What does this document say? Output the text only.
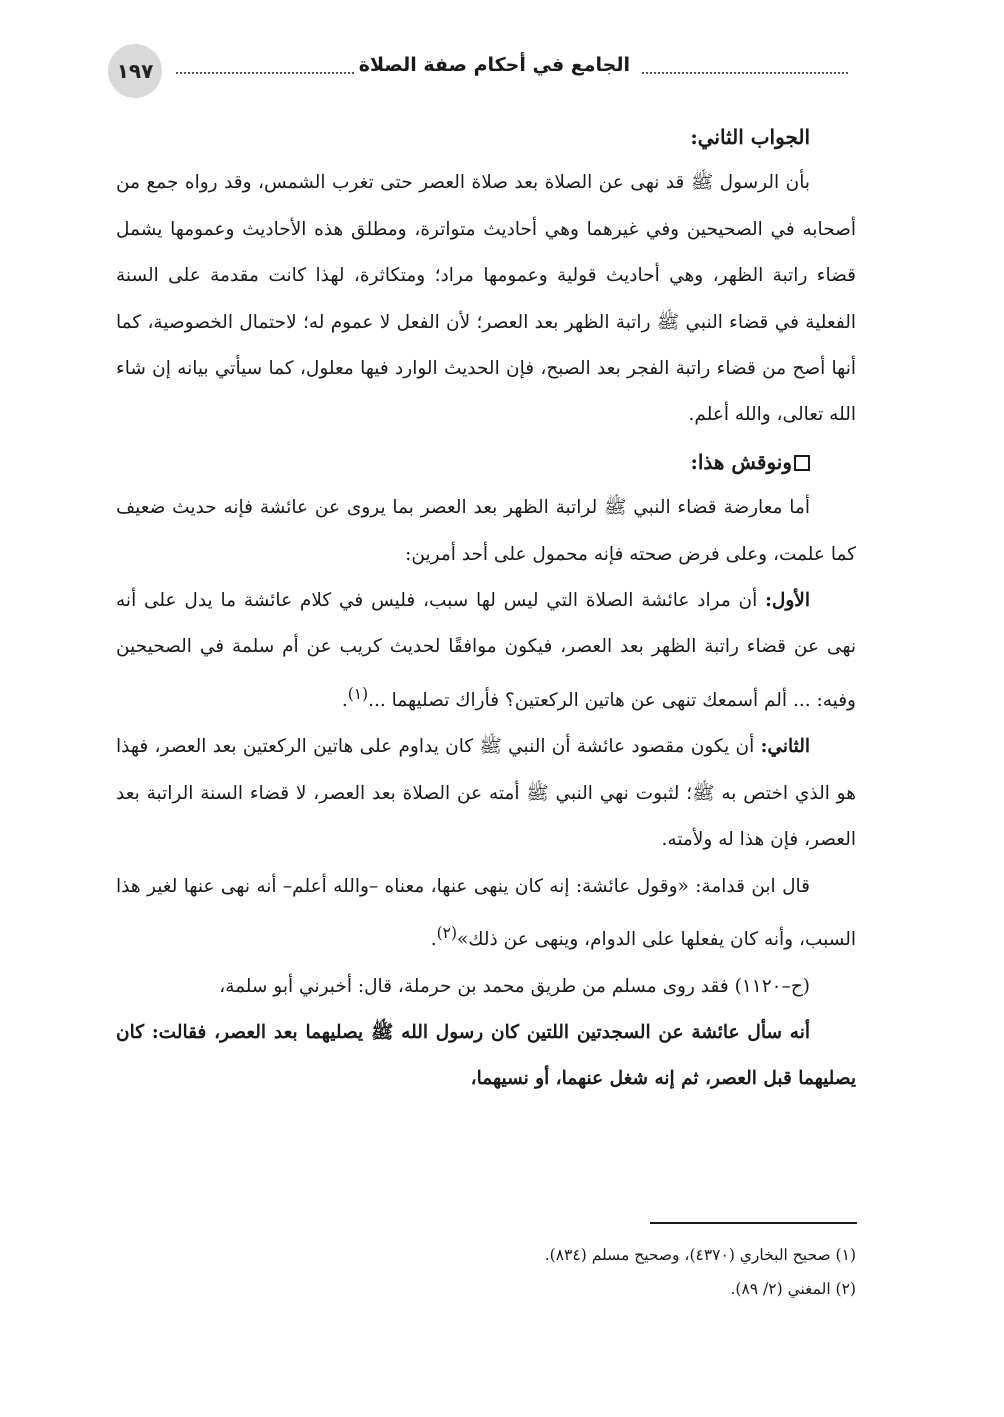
١٩٧	الجامع في أحكام صفة الصلاة

الجواب الثاني:

بأن الرسول ﷺ قد نهى عن الصلاة بعد صلاة العصر حتى تغرب الشمس، وقد رواه جمع من أصحابه في الصحيحين وفي غيرهما وهي أحاديث متواترة، ومطلق هذه الأحاديث وعمومها يشمل قضاء راتبة الظهر، وهي أحاديث قولية وعمومها مراد؛ ومتكاثرة، لهذا كانت مقدمة على السنة الفعلية في قضاء النبي ﷺ راتبة الظهر بعد العصر؛ لأن الفعل لا عموم له؛ لاحتمال الخصوصية، كما أنها أصح من قضاء راتبة الفجر بعد الصبح، فإن الحديث الوارد فيها معلول، كما سيأتي بيانه إن شاء الله تعالى، والله أعلم.

ونوقش هذا:

أما معارضة قضاء النبي ﷺ لراتبة الظهر بعد العصر بما يروى عن عائشة فإنه حديث ضعيف كما علمت، وعلى فرض صحته فإنه محمول على أحد أمرين:

الأول: أن مراد عائشة الصلاة التي ليس لها سبب، فليس في كلام عائشة ما يدل على أنه نهى عن قضاء راتبة الظهر بعد العصر، فيكون موافقًا لحديث كريب عن أم سلمة في الصحيحين وفيه: ... ألم أسمعك تنهى عن هاتين الركعتين؟ فأراك تصليهما ...$^{(١)}$.

الثاني: أن يكون مقصود عائشة أن النبي ﷺ كان يداوم على هاتين الركعتين بعد العصر، فهذا هو الذي اختص به ﷺ؛ لثبوت نهي النبي ﷺ أمته عن الصلاة بعد العصر، لا قضاء السنة الراتبة بعد العصر، فإن هذا له ولأمته.

قال ابن قدامة: «وقول عائشة: إنه كان ينهى عنها، معناه –والله أعلم– أنه نهى عنها لغير هذا السبب، وأنه كان يفعلها على الدوام، وينهى عن ذلك»$^{(٢)}$.

(ح–١١٢٠) فقد روى مسلم من طريق محمد بن حرملة، قال: أخبرني أبو سلمة،

أنه سأل عائشة عن السجدتين اللتين كان رسول الله ﷺ يصليهما بعد العصر، فقالت: كان يصليهما قبل العصر، ثم إنه شغل عنهما، أو نسيهما،

(١) صحيح البخاري (٤٣٧٠)، وصحيح مسلم (٨٣٤).

(٢) المغني (٢/ ٨٩).
